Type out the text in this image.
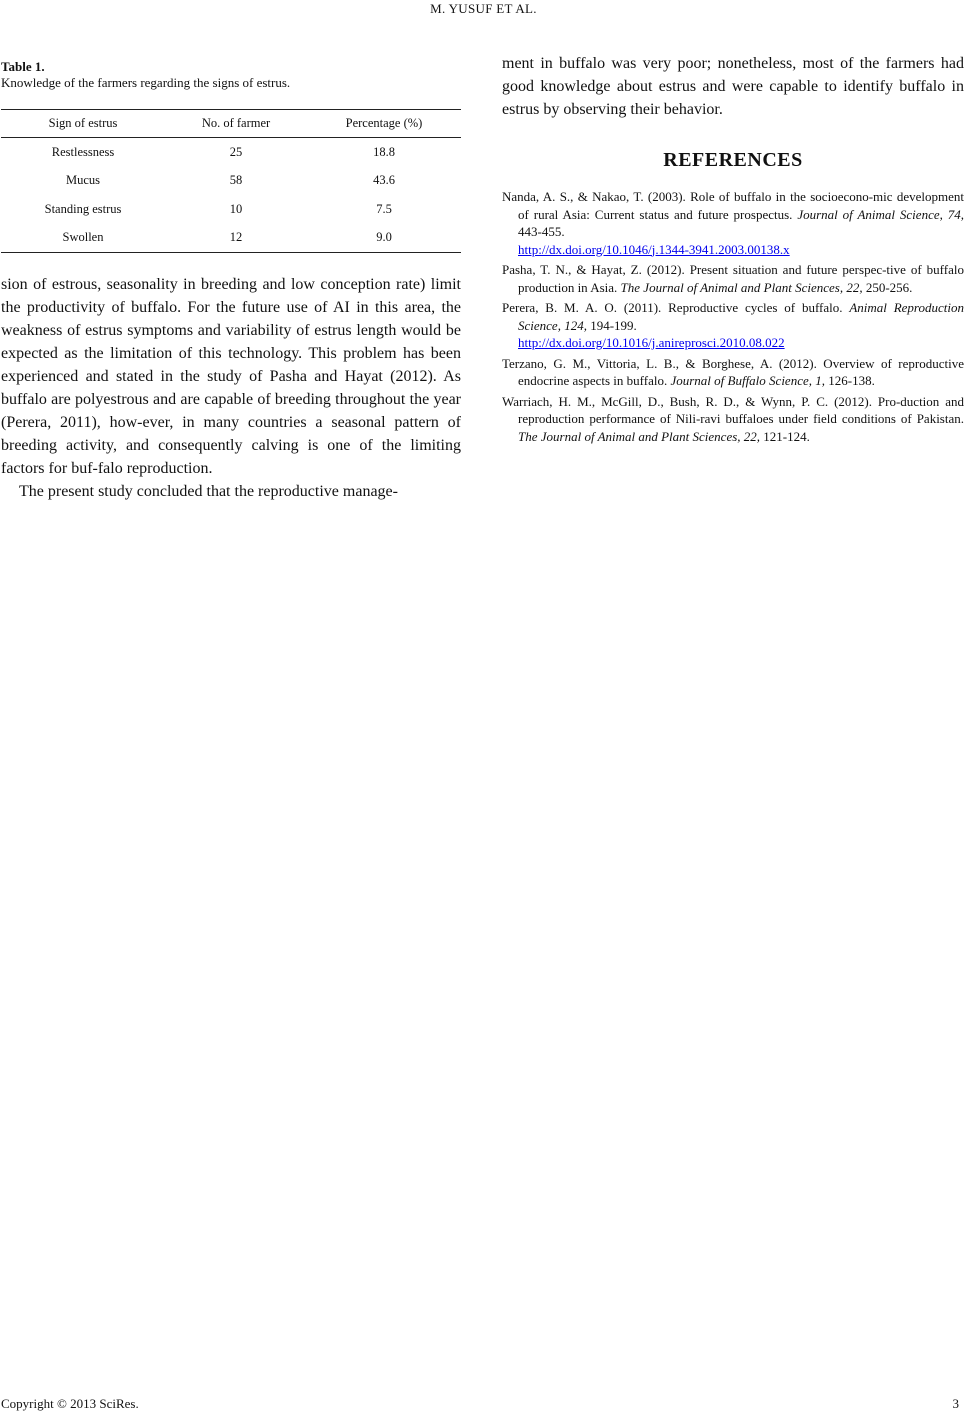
M. YUSUF ET AL.
Table 1.
Knowledge of the farmers regarding the signs of estrus.
Sign of estrus	No. of farmer	Percentage (%)
Restlessness	25	18.8
Mucus	58	43.6
Standing estrus	10	7.5
Swollen	12	9.0

sion of estrous, seasonality in breeding and low conception rate) limit the productivity of buffalo. For the future use of AI in this area, the weakness of estrus symptoms and variability of estrus length would be expected as the limitation of this technology. This problem has been experienced and stated in the study of Pasha and Hayat (2012). As buffalo are polyestrous and are capable of breeding throughout the year (Perera, 2011), how-ever, in many countries a seasonal pattern of breeding activity, and consequently calving is one of the limiting factors for buf-falo reproduction.

The present study concluded that the reproductive manage-

ment in buffalo was very poor; nonetheless, most of the farmers had good knowledge about estrus and were capable to identify buffalo in estrus by observing their behavior.

REFERENCES

Nanda, A. S., & Nakao, T. (2003). Role of buffalo in the socioecono-mic development of rural Asia: Current status and future prospectus. Journal of Animal Science, 74, 443-455.
http://dx.doi.org/10.1046/j.1344-3941.2003.00138.x

Pasha, T. N., & Hayat, Z. (2012). Present situation and future perspec-tive of buffalo production in Asia. The Journal of Animal and Plant Sciences, 22, 250-256.

Perera, B. M. A. O. (2011). Reproductive cycles of buffalo. Animal Reproduction Science, 124, 194-199.
http://dx.doi.org/10.1016/j.anireprosci.2010.08.022

Terzano, G. M., Vittoria, L. B., & Borghese, A. (2012). Overview of reproductive endocrine aspects in buffalo. Journal of Buffalo Science, 1, 126-138.

Warriach, H. M., McGill, D., Bush, R. D., & Wynn, P. C. (2012). Pro-duction and reproduction performance of Nili-ravi buffaloes under field conditions of Pakistan. The Journal of Animal and Plant Sciences, 22, 121-124.

Copyright © 2013 SciRes.	3
